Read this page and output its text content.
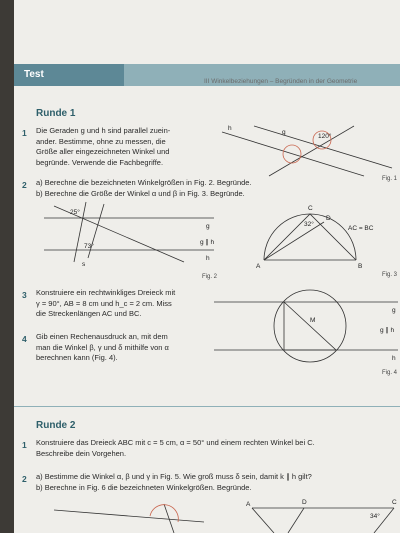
Test
III Winkelbeziehungen – Begründen in der Geometrie
Runde 1
1 Die Geraden g und h sind parallel zuein-
ander. Bestimme, ohne zu messen, die
Größe aller eingezeichneten Winkel und
begründe. Verwende die Fachbegriffe.
h
g
120°
Fig. 1
2 a) Berechne die bezeichneten Winkelgrößen in Fig. 2. Begründe.
b) Berechne die Größe der Winkel α und β in Fig. 3. Begründe.
25°
73°
g
h
g ∥ h
s
Fig. 2
32°
AC = BC
A	B
C
D
Fig. 3
3 Konstruiere ein rechtwinkliges Dreieck mit
γ = 90°, AB = 8 cm und h_c = 2 cm. Miss
die Streckenlängen AC und BC.
4 Gib einen Rechenausdruck an, mit dem
man die Winkel β, γ und δ mithilfe von α
berechnen kann (Fig. 4).
M
g
h
g ∥ h
Fig. 4
Runde 2
1 Konstruiere das Dreieck ABC mit c = 5 cm, α = 50° und einem rechten Winkel bei C.
Beschreibe dein Vorgehen.
2 a) Bestimme die Winkel α, β und γ in Fig. 5. Wie groß muss δ sein, damit k ∥ h gilt?
b) Berechne in Fig. 6 die bezeichneten Winkelgrößen. Begründe.
A	D	C
34°
